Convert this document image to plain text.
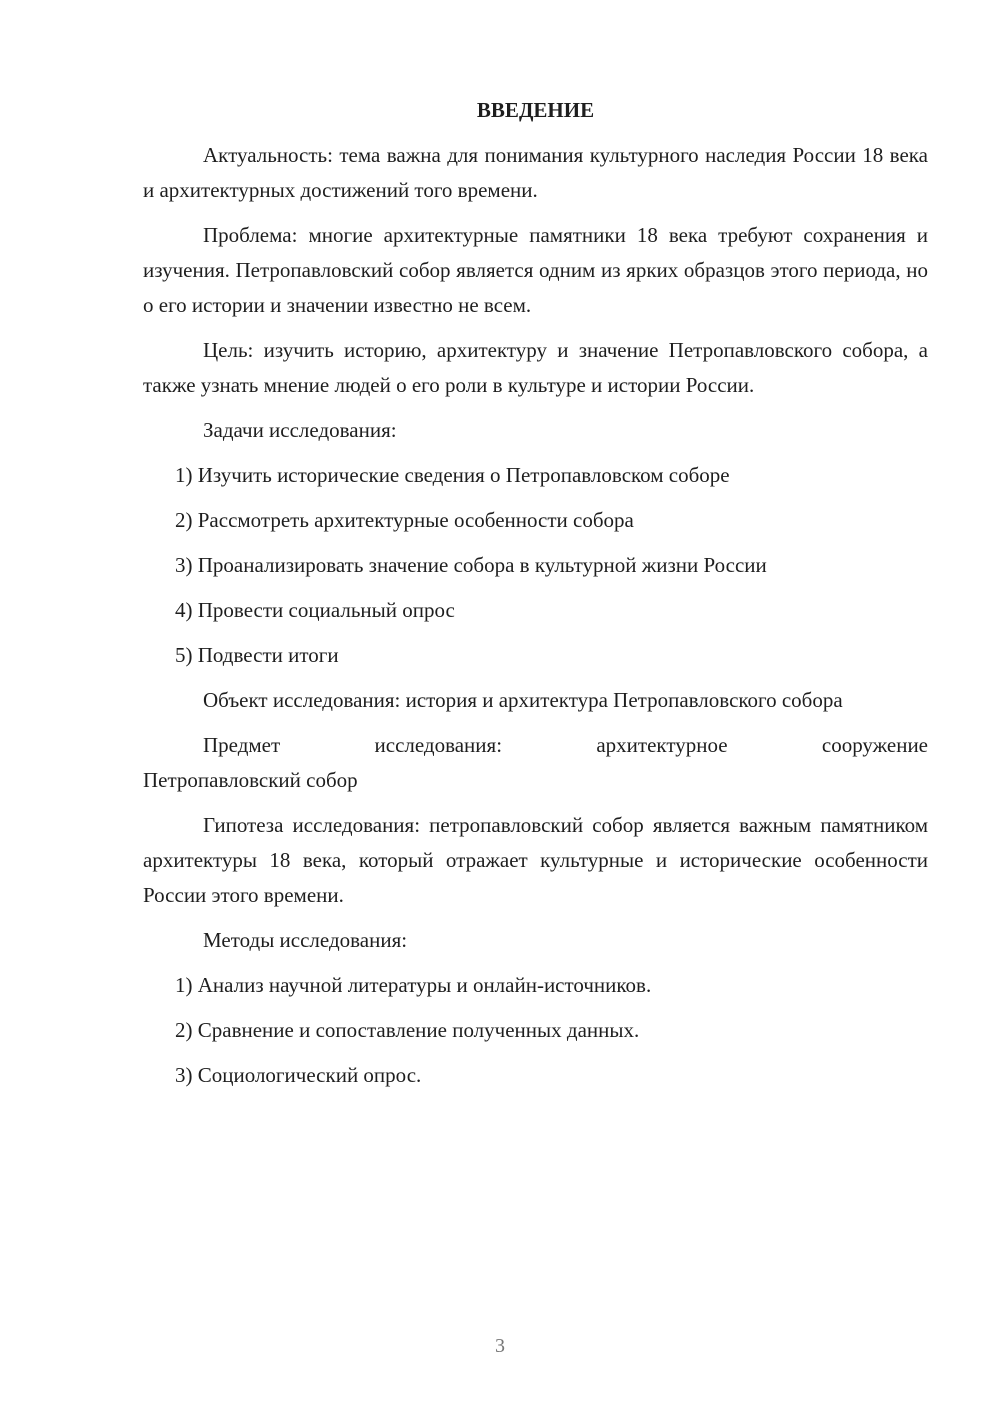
ВВЕДЕНИЕ

Актуальность: тема важна для понимания культурного наследия России 18 века и архитектурных достижений того времени.

Проблема: многие архитектурные памятники 18 века требуют сохранения и изучения. Петропавловский собор является одним из ярких образцов этого периода, но о его истории и значении известно не всем.

Цель: изучить историю, архитектуру и значение Петропавловского собора, а также узнать мнение людей о его роли в культуре и истории России.

Задачи исследования:
1) Изучить исторические сведения о Петропавловском соборе
2) Рассмотреть архитектурные особенности собора
3) Проанализировать значение собора в культурной жизни России
4) Провести социальный опрос
5) Подвести итоги

Объект исследования: история и архитектура Петропавловского собора

Предмет исследования: архитектурное сооружение
Петропавловский собор

Гипотеза исследования: петропавловский собор является важным памятником архитектуры 18 века, который отражает культурные и исторические особенности России этого времени.

Методы исследования:
1) Анализ научной литературы и онлайн-источников.
2) Сравнение и сопоставление полученных данных.
3) Социологический опрос.
3
